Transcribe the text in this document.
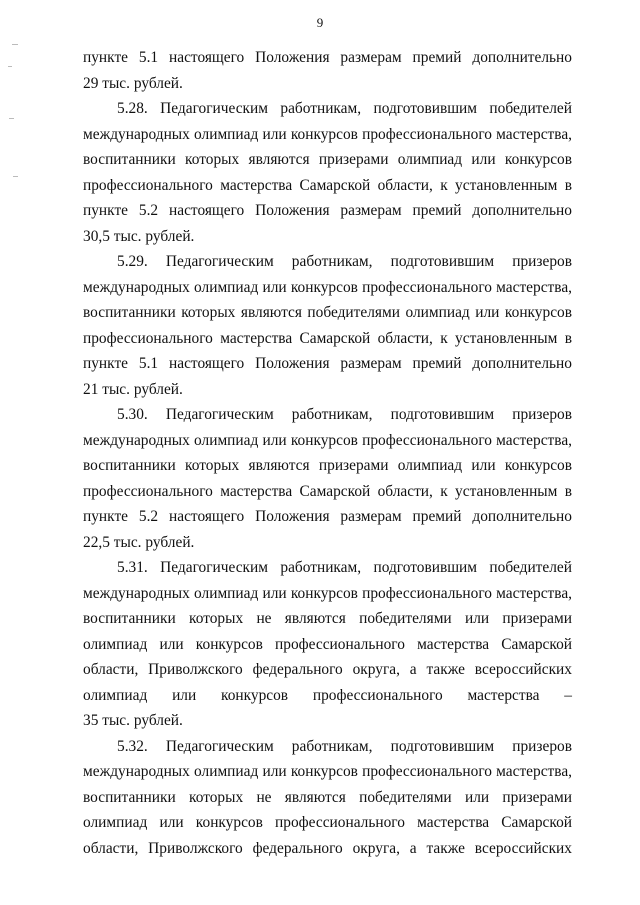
9
пункте 5.1 настоящего Положения размерам премий дополнительно
29 тыс. рублей.
5.28. Педагогическим работникам, подготовившим победителей
международных олимпиад или конкурсов профессионального мастерства,
воспитанники которых являются призерами олимпиад или конкурсов
профессионального мастерства Самарской области, к установленным в
пункте 5.2 настоящего Положения размерам премий дополнительно
30,5 тыс. рублей.
5.29. Педагогическим работникам, подготовившим призеров
международных олимпиад или конкурсов профессионального мастерства,
воспитанники которых являются победителями олимпиад или конкурсов
профессионального мастерства Самарской области, к установленным в
пункте 5.1 настоящего Положения размерам премий дополнительно
21 тыс. рублей.
5.30. Педагогическим работникам, подготовившим призеров
международных олимпиад или конкурсов профессионального мастерства,
воспитанники которых являются призерами олимпиад или конкурсов
профессионального мастерства Самарской области, к установленным в
пункте 5.2 настоящего Положения размерам премий дополнительно
22,5 тыс. рублей.
5.31. Педагогическим работникам, подготовившим победителей
международных олимпиад или конкурсов профессионального мастерства,
воспитанники которых не являются победителями или призерами
олимпиад или конкурсов профессионального мастерства Самарской
области, Приволжского федерального округа, а также всероссийских
олимпиад или конкурсов профессионального мастерства –
35 тыс. рублей.
5.32. Педагогическим работникам, подготовившим призеров
международных олимпиад или конкурсов профессионального мастерства,
воспитанники которых не являются победителями или призерами
олимпиад или конкурсов профессионального мастерства Самарской
области, Приволжского федерального округа, а также всероссийских
